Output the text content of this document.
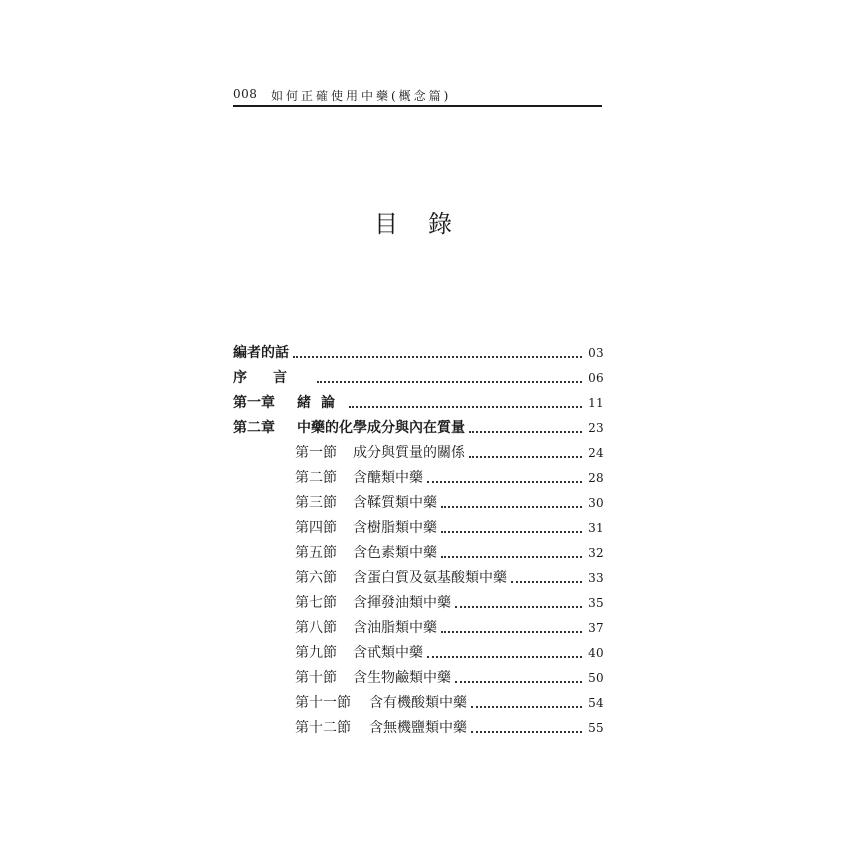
008 如何正確使用中藥(概念篇)
目錄
編者的話	03
序言	06
第一章	緒論	11
第二章	中藥的化學成分與內在質量	23
第一節	成分與質量的關係	24
第二節	含醣類中藥	28
第三節	含鞣質類中藥	30
第四節	含樹脂類中藥	31
第五節	含色素類中藥	32
第六節	含蛋白質及氨基酸類中藥	33
第七節	含揮發油類中藥	35
第八節	含油脂類中藥	37
第九節	含甙類中藥	40
第十節	含生物鹼類中藥	50
第十一節	含有機酸類中藥	54
第十二節	含無機鹽類中藥	55
